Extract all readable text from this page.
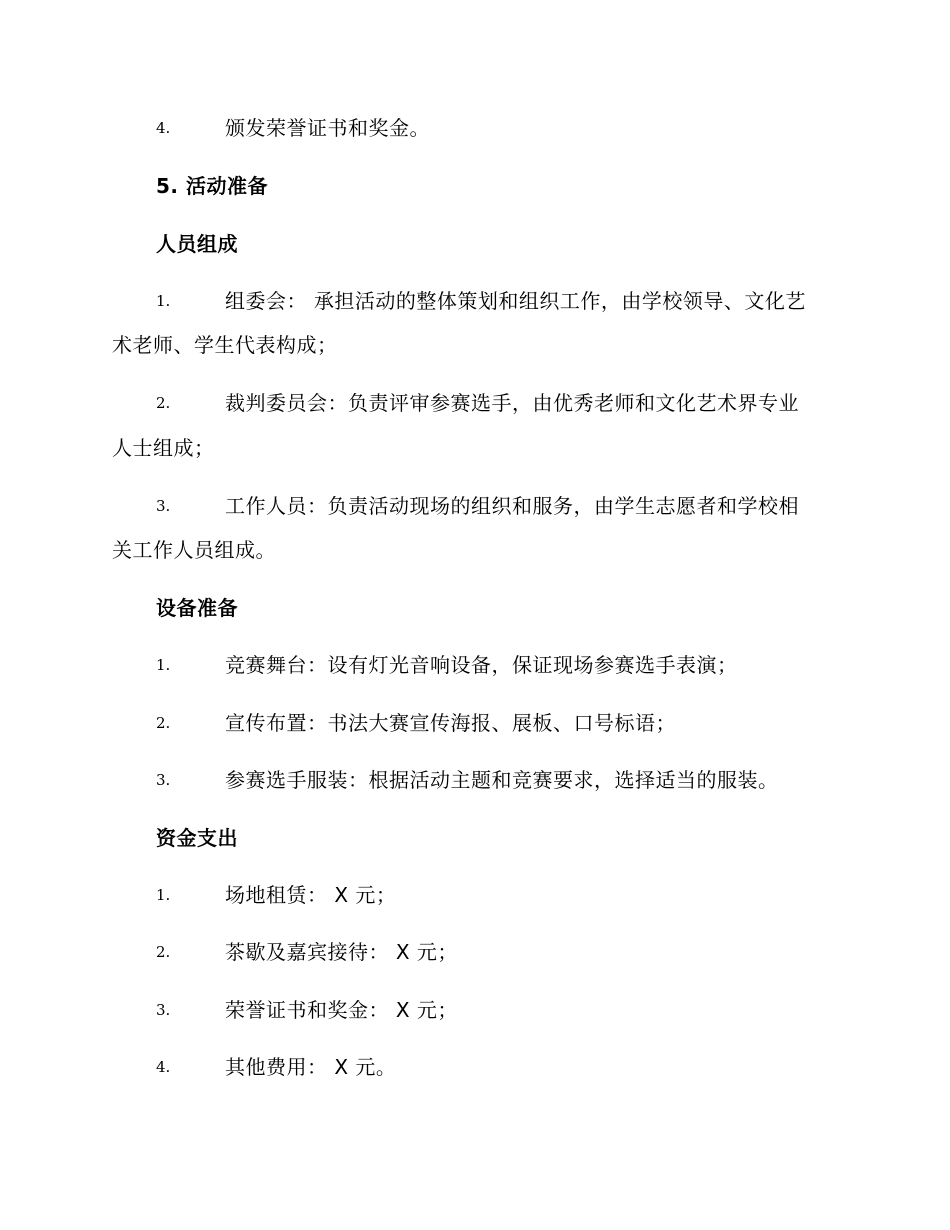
4.	颁发荣誉证书和奖金。
5. 活动准备
人员组成
1.	组委会： 承担活动的整体策划和组织工作，由学校领导、文化艺
术老师、学生代表构成；
2.	裁判委员会：负责评审参赛选手，由优秀老师和文化艺术界专业
人士组成；
3.	工作人员：负责活动现场的组织和服务，由学生志愿者和学校相
关工作人员组成。
设备准备
1.	竞赛舞台：设有灯光音响设备，保证现场参赛选手表演；
2.	宣传布置：书法大赛宣传海报、展板、口号标语；
3.	参赛选手服装：根据活动主题和竞赛要求，选择适当的服装。
资金支出
1.	场地租赁： X 元；
2.	茶歇及嘉宾接待： X 元；
3.	荣誉证书和奖金： X 元；
4.	其他费用： X 元。
